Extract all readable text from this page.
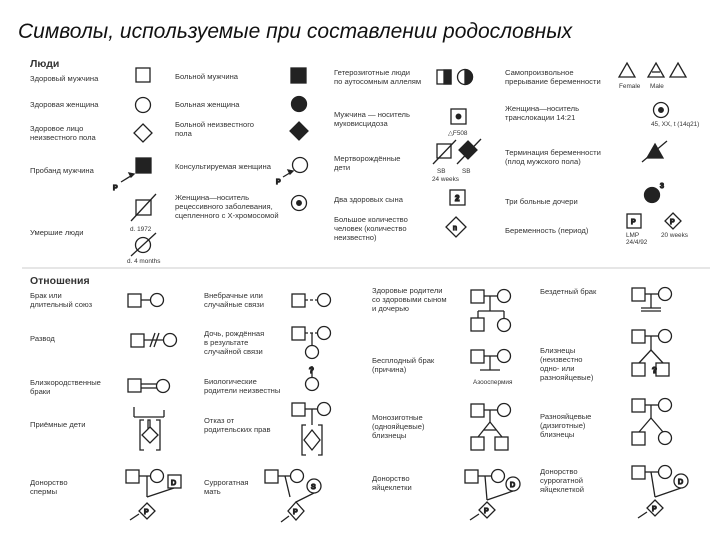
Символы, используемые при составлении родословных
Люди
Отношения
Здоровый мужчина
Здоровая женщина
Здоровое лицо
неизвестного пола
Пробанд мужчина
Умершие люди
Больной мужчина
Больная женщина
Больной неизвестного
пола
Консультируемая женщина
Женщина—носитель
рецессивного заболевания,
сцепленного с Х-хромосомой
Гетерозиготные люди
по аутосомным аллелям
Мужчина — носитель
муковисцидоза
Мертворождённые
дети
Два здоровых сына
Большое количество
человек (количество
неизвестно)
Самопроизвольное
прерывание беременности
Женщина—носитель
транслокации 14:21
Терминация беременности
(плод мужского пола)
Три больные дочери
Беременность (период)
Брак или
длительный союз
Развод
Близкородственные
браки
Приёмные дети
Донорство
спермы
Внебрачные или
случайные связи
Дочь, рождённая
в результате
случайной связи
Биологические
родители неизвестны
Отказ от
родительских прав
Суррогатная
мать
Здоровые родители
со здоровыми сыном
и дочерью
Бесплодный брак
(причина)
Монозиготные
(однояйцевые)
близнецы
Донорство
яйцеклетки
Бездетный брак
Близнецы
(неизвестно
одно- или
разнояйцевые)
Разнояйцевые
(дизиготные)
близнецы
Донорство
суррогатной
яйцеклеткой
d. 1972
d. 4 months
△F508
SB	SB
24 weeks
Female Male
45, XX, t (14q21)
LMP
24/4/92
20 weeks
Азооспермия
P
P
2
n
3
P	P
D
P
?
S
P
D
P
?
D
P
